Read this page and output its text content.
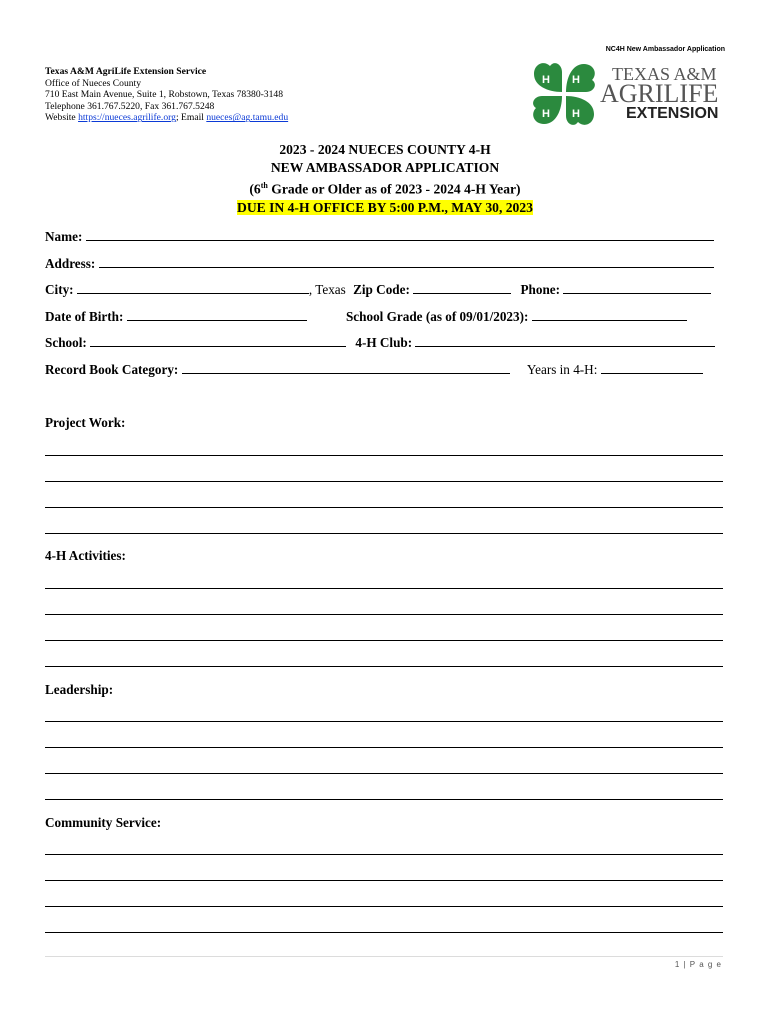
NC4H New Ambassador Application
Texas A&M AgriLife Extension Service
Office of Nueces County
710 East Main Avenue, Suite 1, Robstown, Texas 78380-3148
Telephone 361.767.5220, Fax 361.767.5248
Website https://nueces.agrilife.org; Email nueces@ag.tamu.edu
H H
H H
TEXAS A&M
AGRILIFE
EXTENSION
2023 - 2024 NUECES COUNTY 4-H
NEW AMBASSADOR APPLICATION
(6th Grade or Older as of 2023 - 2024 4-H Year)
DUE IN 4-H OFFICE BY 5:00 P.M., MAY 30, 2023
Name:
Address:
City:	, Texas Zip Code:	Phone:
Date of Birth:	School Grade (as of 09/01/2023):
School:	4-H Club:
Record Book Category:	Years in 4-H:
Project Work:
4-H Activities:
Leadership:
Community Service:
1 | P a g e
